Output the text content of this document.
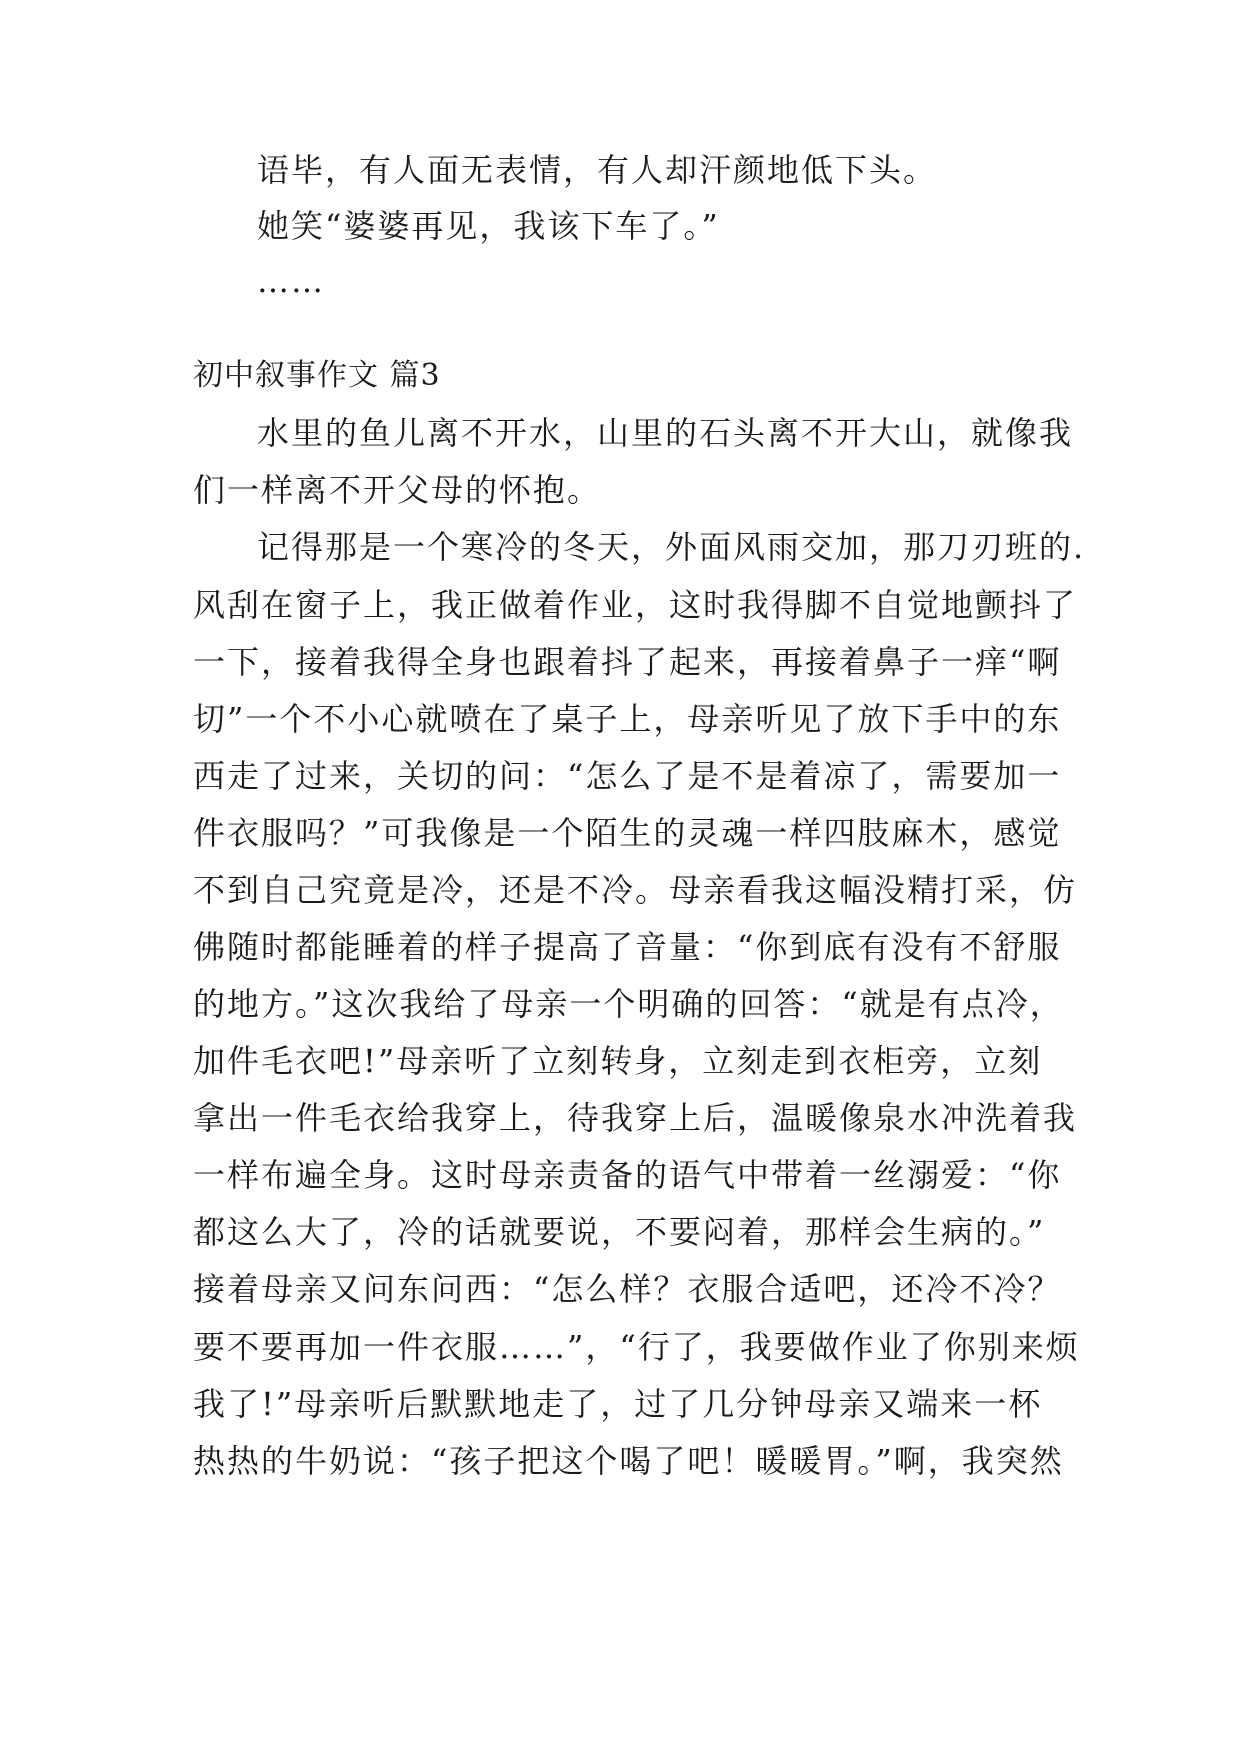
语毕，有人面无表情，有人却汗颜地低下头。
她笑“婆婆再见，我该下车了。”
……
初中叙事作文 篇3
水里的鱼儿离不开水，山里的石头离不开大山，就像我
们一样离不开父母的怀抱。
记得那是一个寒冷的冬天，外面风雨交加，那刀刃班的.
风刮在窗子上，我正做着作业，这时我得脚不自觉地颤抖了
一下，接着我得全身也跟着抖了起来，再接着鼻子一痒“啊
切”一个不小心就喷在了桌子上，母亲听见了放下手中的东
西走了过来，关切的问：“怎么了是不是着凉了，需要加一
件衣服吗？”可我像是一个陌生的灵魂一样四肢麻木，感觉
不到自己究竟是冷，还是不冷。母亲看我这幅没精打采，仿
佛随时都能睡着的样子提高了音量：“你到底有没有不舒服
的地方。”这次我给了母亲一个明确的回答：“就是有点冷，
加件毛衣吧!”母亲听了立刻转身，立刻走到衣柜旁，立刻
拿出一件毛衣给我穿上，待我穿上后，温暖像泉水冲洗着我
一样布遍全身。这时母亲责备的语气中带着一丝溺爱：“你
都这么大了，冷的话就要说，不要闷着，那样会生病的。”
接着母亲又问东问西：“怎么样？衣服合适吧，还冷不冷？
要不要再加一件衣服……”，“行了，我要做作业了你别来烦
我了!”母亲听后默默地走了，过了几分钟母亲又端来一杯
热热的牛奶说：“孩子把这个喝了吧！暖暖胃。”啊，我突然
